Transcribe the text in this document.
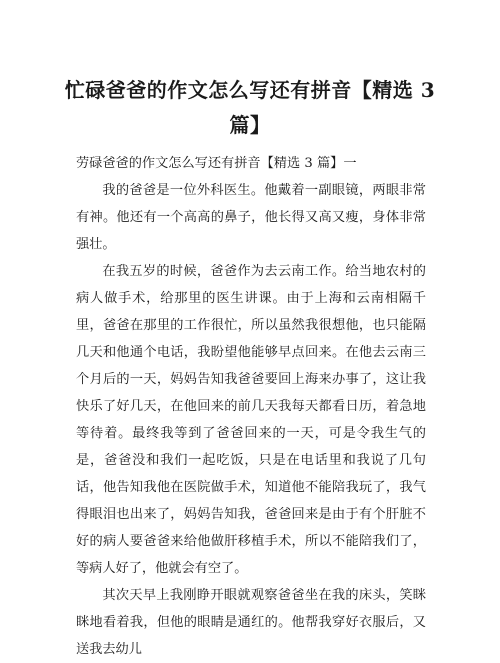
忙碌爸爸的作文怎么写还有拼音【精选 3 篇】

劳碌爸爸的作文怎么写还有拼音【精选 3 篇】一

我的爸爸是一位外科医生。他戴着一副眼镜，两眼非常有神。他还有一个高高的鼻子，他长得又高又瘦，身体非常强壮。

在我五岁的时候，爸爸作为去云南工作。给当地农村的病人做手术，给那里的医生讲课。由于上海和云南相隔千里，爸爸在那里的工作很忙，所以虽然我很想他，也只能隔几天和他通个电话，我盼望他能够早点回来。在他去云南三个月后的一天，妈妈告知我爸爸要回上海来办事了，这让我快乐了好几天，在他回来的前几天我每天都看日历，着急地等待着。最终我等到了爸爸回来的一天，可是令我生气的是，爸爸没和我们一起吃饭，只是在电话里和我说了几句话，他告知我他在医院做手术，知道他不能陪我玩了，我气得眼泪也出来了，妈妈告知我，爸爸回来是由于有个肝脏不好的病人要爸爸来给他做肝移植手术，所以不能陪我们了，等病人好了，他就会有空了。

其次天早上我刚睁开眼就观察爸爸坐在我的床头，笑眯眯地看着我，但他的眼睛是通红的。他帮我穿好衣服后，又送我去幼儿
